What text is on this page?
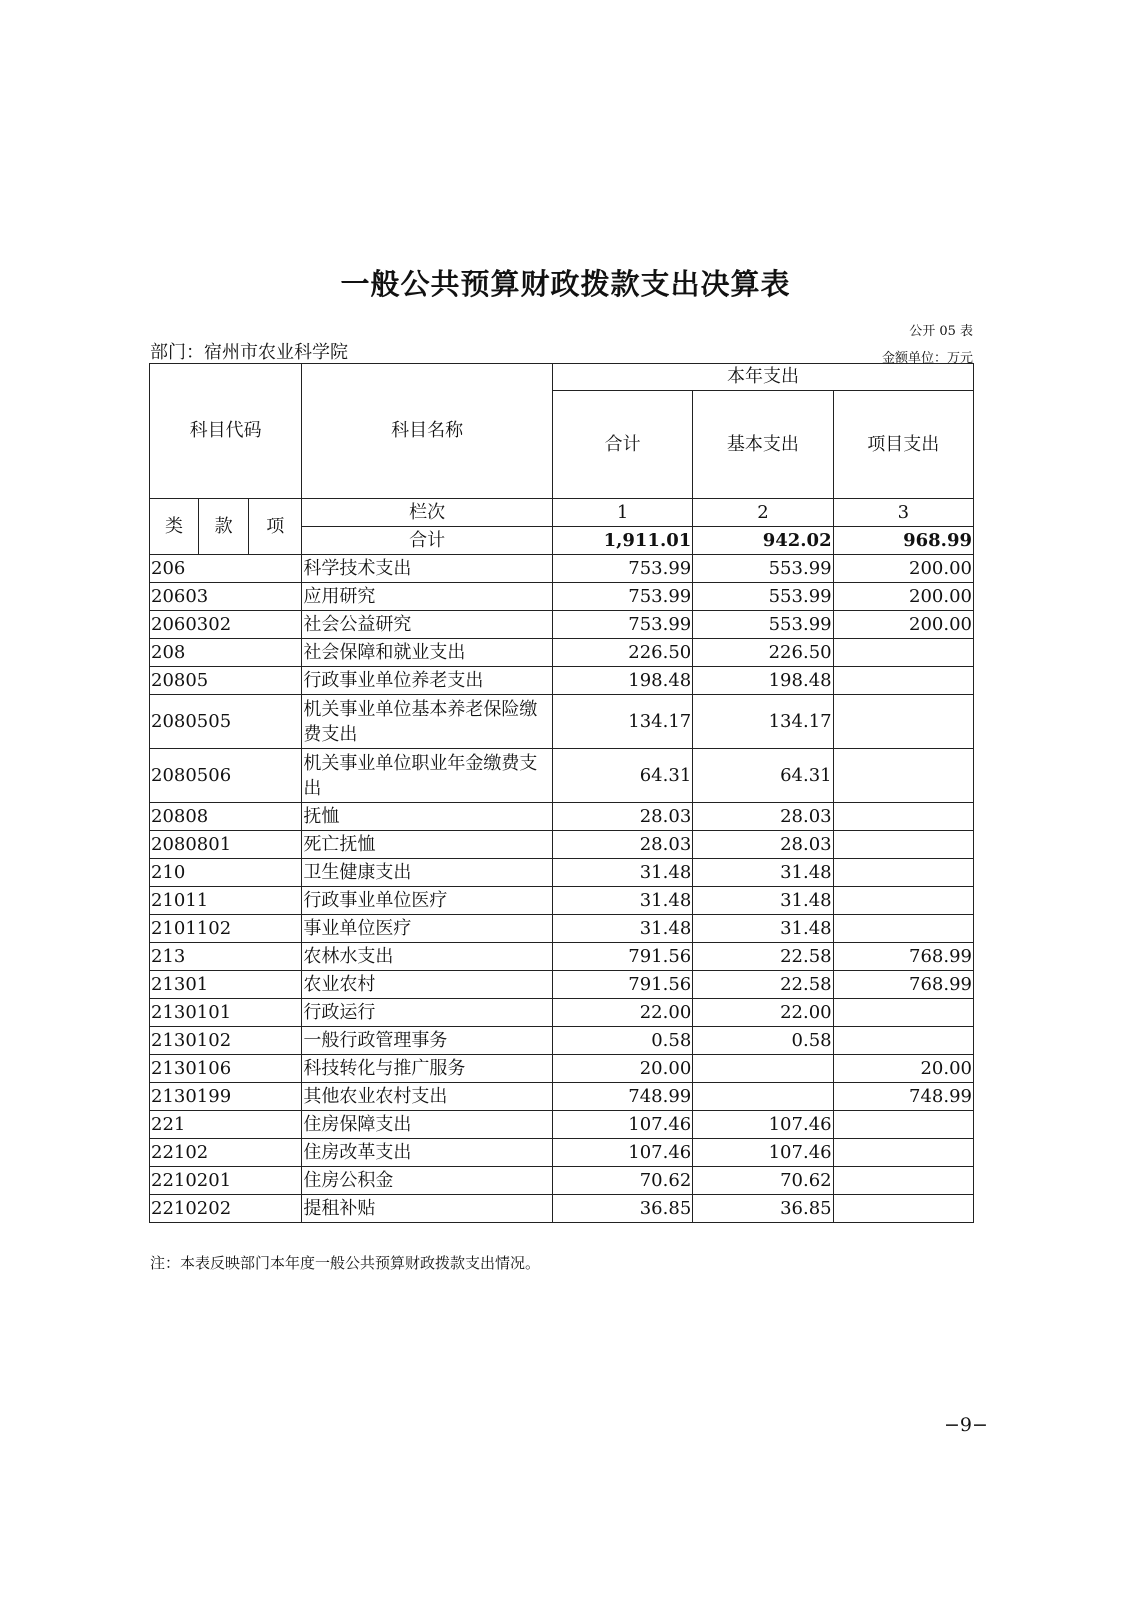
一般公共预算财政拨款支出决算表
公开 05 表
部门：宿州市农业科学院	金额单位：万元
科目代码			科目名称	本年支出		
				合计	基本支出	项目支出
类	款	项	栏次	1	2	3
			合计	1,911.01	942.02	968.99
206			科学技术支出	753.99	553.99	200.00
20603			应用研究	753.99	553.99	200.00
2060302			社会公益研究	753.99	553.99	200.00
208			社会保障和就业支出	226.50	226.50	
20805			行政事业单位养老支出	198.48	198.48	
2080505			机关事业单位基本养老保险缴费支出	134.17	134.17	
2080506			机关事业单位职业年金缴费支出	64.31	64.31	
20808			抚恤	28.03	28.03	
2080801			死亡抚恤	28.03	28.03	
210			卫生健康支出	31.48	31.48	
21011			行政事业单位医疗	31.48	31.48	
2101102			事业单位医疗	31.48	31.48	
213			农林水支出	791.56	22.58	768.99
21301			农业农村	791.56	22.58	768.99
2130101			行政运行	22.00	22.00	
2130102			一般行政管理事务	0.58	0.58	
2130106			科技转化与推广服务	20.00		20.00
2130199			其他农业农村支出	748.99		748.99
221			住房保障支出	107.46	107.46	
22102			住房改革支出	107.46	107.46	
2210201			住房公积金	70.62	70.62	
2210202			提租补贴	36.85	36.85	
注：本表反映部门本年度一般公共预算财政拨款支出情况。
−9−
